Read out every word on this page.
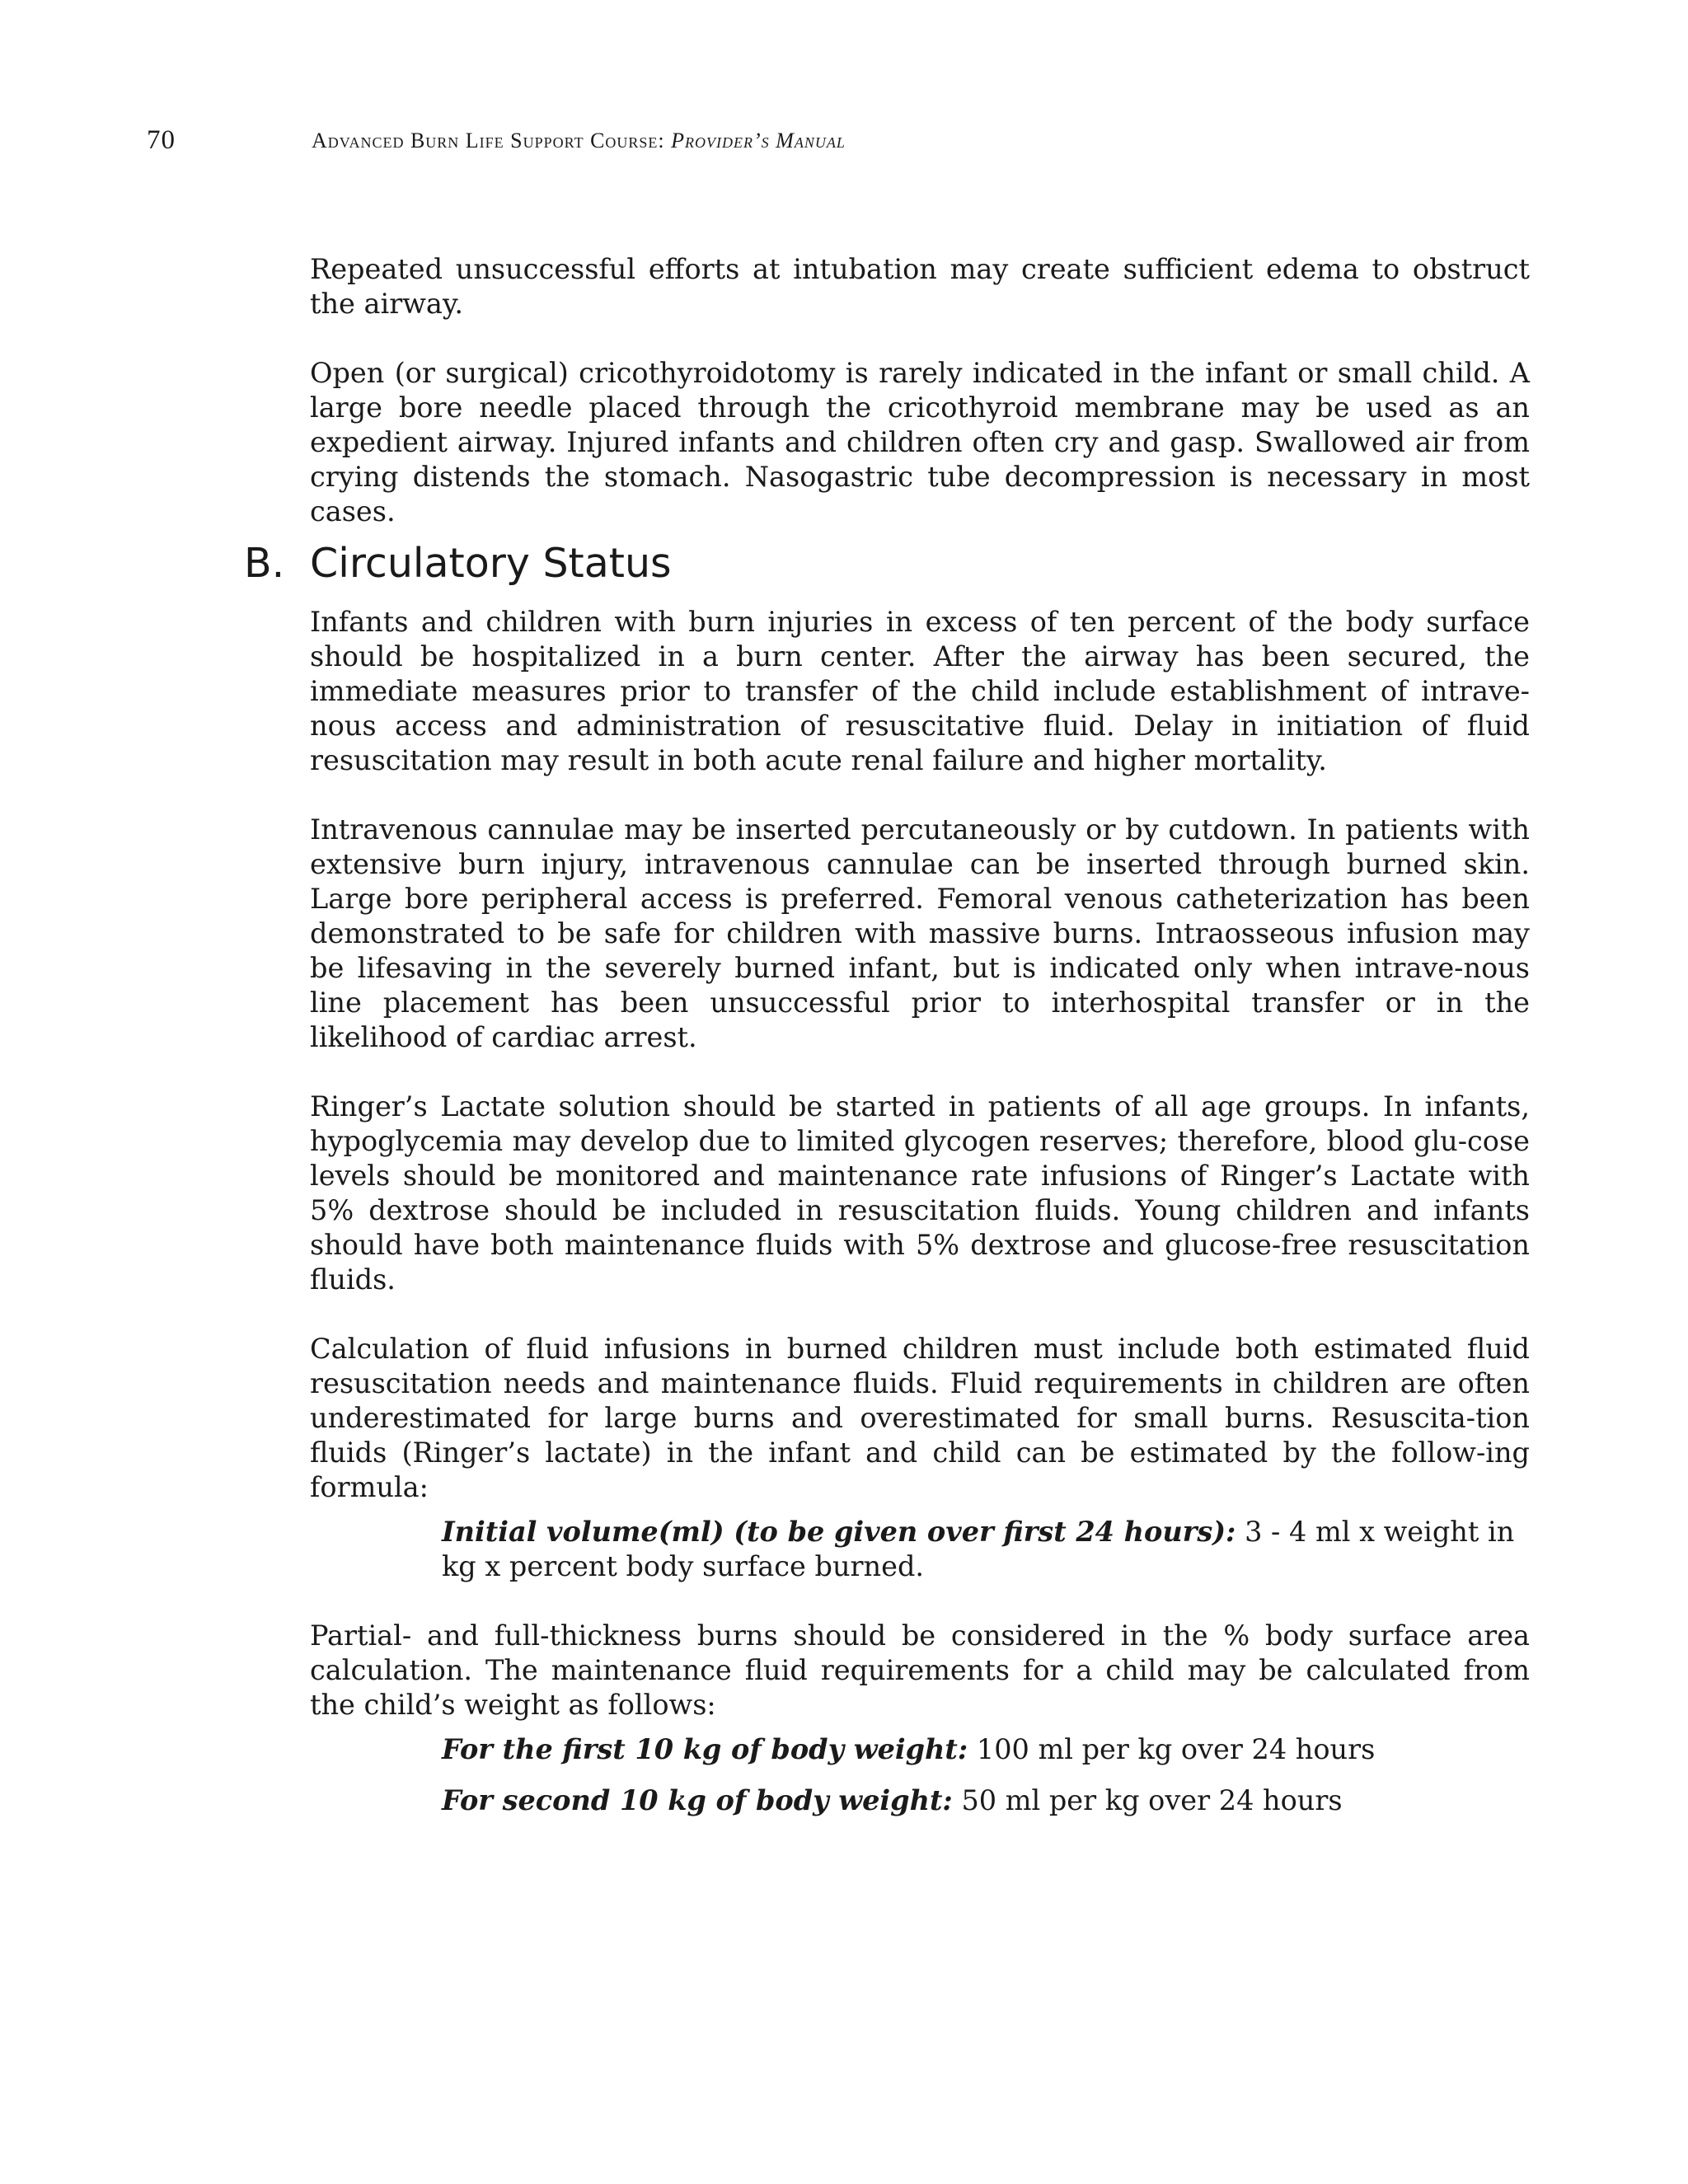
70	Advanced Burn Life Support Course: Provider’s Manual

Repeated unsuccessful efforts at intubation may create sufficient edema to obstruct the airway.

Open (or surgical) cricothyroidotomy is rarely indicated in the infant or small child. A large bore needle placed through the cricothyroid membrane may be used as an expedient airway. Injured infants and children often cry and gasp. Swallowed air from crying distends the stomach. Nasogastric tube decompression is necessary in most cases.

B. Circulatory Status

Infants and children with burn injuries in excess of ten percent of the body surface should be hospitalized in a burn center. After the airway has been secured, the immediate measures prior to transfer of the child include establishment of intrave-nous access and administration of resuscitative fluid. Delay in initiation of fluid resuscitation may result in both acute renal failure and higher mortality.

Intravenous cannulae may be inserted percutaneously or by cutdown. In patients with extensive burn injury, intravenous cannulae can be inserted through burned skin. Large bore peripheral access is preferred. Femoral venous catheterization has been demonstrated to be safe for children with massive burns. Intraosseous infusion may be lifesaving in the severely burned infant, but is indicated only when intrave-nous line placement has been unsuccessful prior to interhospital transfer or in the likelihood of cardiac arrest.

Ringer’s Lactate solution should be started in patients of all age groups. In infants, hypoglycemia may develop due to limited glycogen reserves; therefore, blood glu-cose levels should be monitored and maintenance rate infusions of Ringer’s Lactate with 5% dextrose should be included in resuscitation fluids. Young children and infants should have both maintenance fluids with 5% dextrose and glucose-free resuscitation fluids.

Calculation of fluid infusions in burned children must include both estimated fluid resuscitation needs and maintenance fluids. Fluid requirements in children are often underestimated for large burns and overestimated for small burns. Resuscita-tion fluids (Ringer’s lactate) in the infant and child can be estimated by the follow-ing formula:

Initial volume(ml) (to be given over first 24 hours): 3 - 4 ml x weight in kg x percent body surface burned.

Partial- and full-thickness burns should be considered in the % body surface area calculation. The maintenance fluid requirements for a child may be calculated from the child’s weight as follows:

For the first 10 kg of body weight: 100 ml per kg over 24 hours
For second 10 kg of body weight: 50 ml per kg over 24 hours
